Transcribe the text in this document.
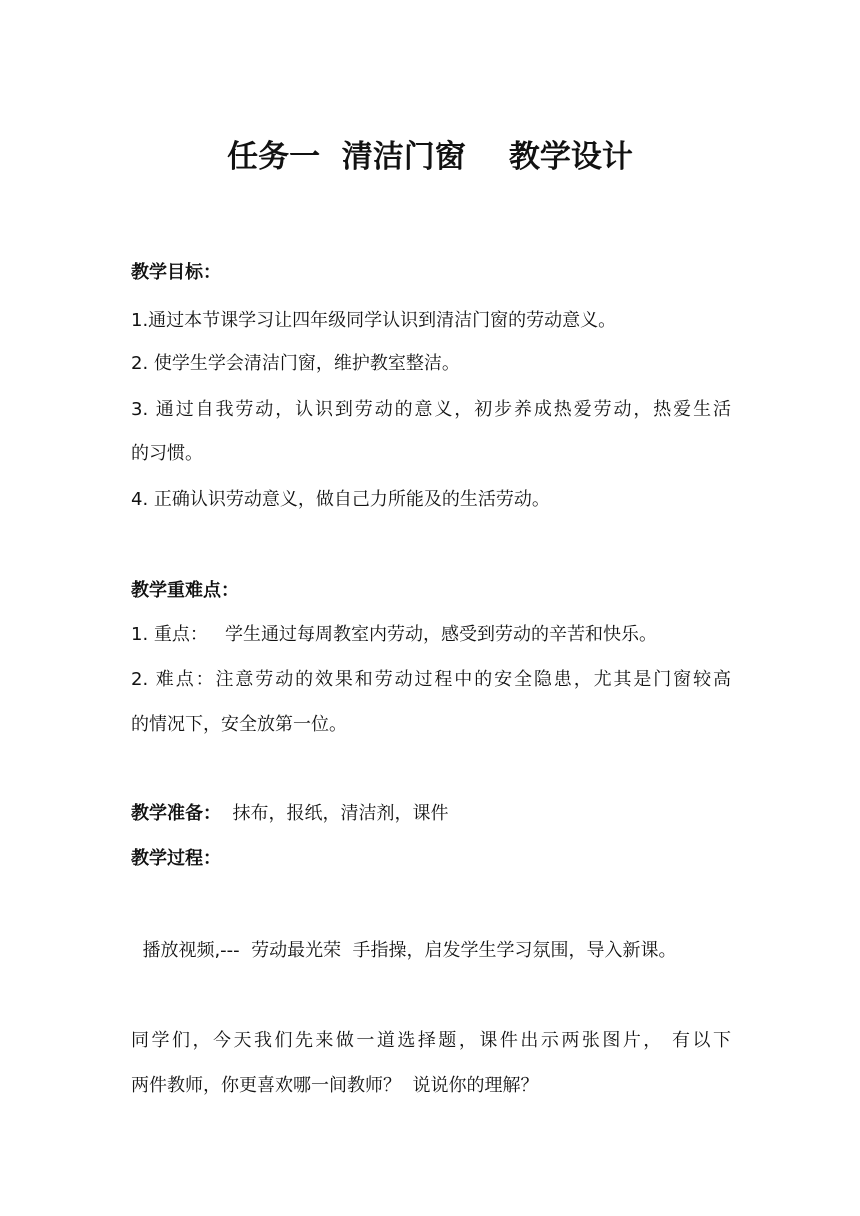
任务一  清洁门窗    教学设计
教学目标：
1.通过本节课学习让四年级同学认识到清洁门窗的劳动意义。
2. 使学生学会清洁门窗，维护教室整洁。
3. 通过自我劳动，认识到劳动的意义，初步养成热爱劳动，热爱生活
的习惯。
4. 正确认识劳动意义，做自己力所能及的生活劳动。
教学重难点：
1. 重点：   学生通过每周教室内劳动，感受到劳动的辛苦和快乐。
2. 难点：注意劳动的效果和劳动过程中的安全隐患，尤其是门窗较高
的情况下，安全放第一位。
教学准备：  抹布，报纸，清洁剂，课件
教学过程：
播放视频,---  劳动最光荣  手指操，启发学生学习氛围，导入新课。
同学们，今天我们先来做一道选择题，课件出示两张图片， 有以下
两件教师，你更喜欢哪一间教师？  说说你的理解？
